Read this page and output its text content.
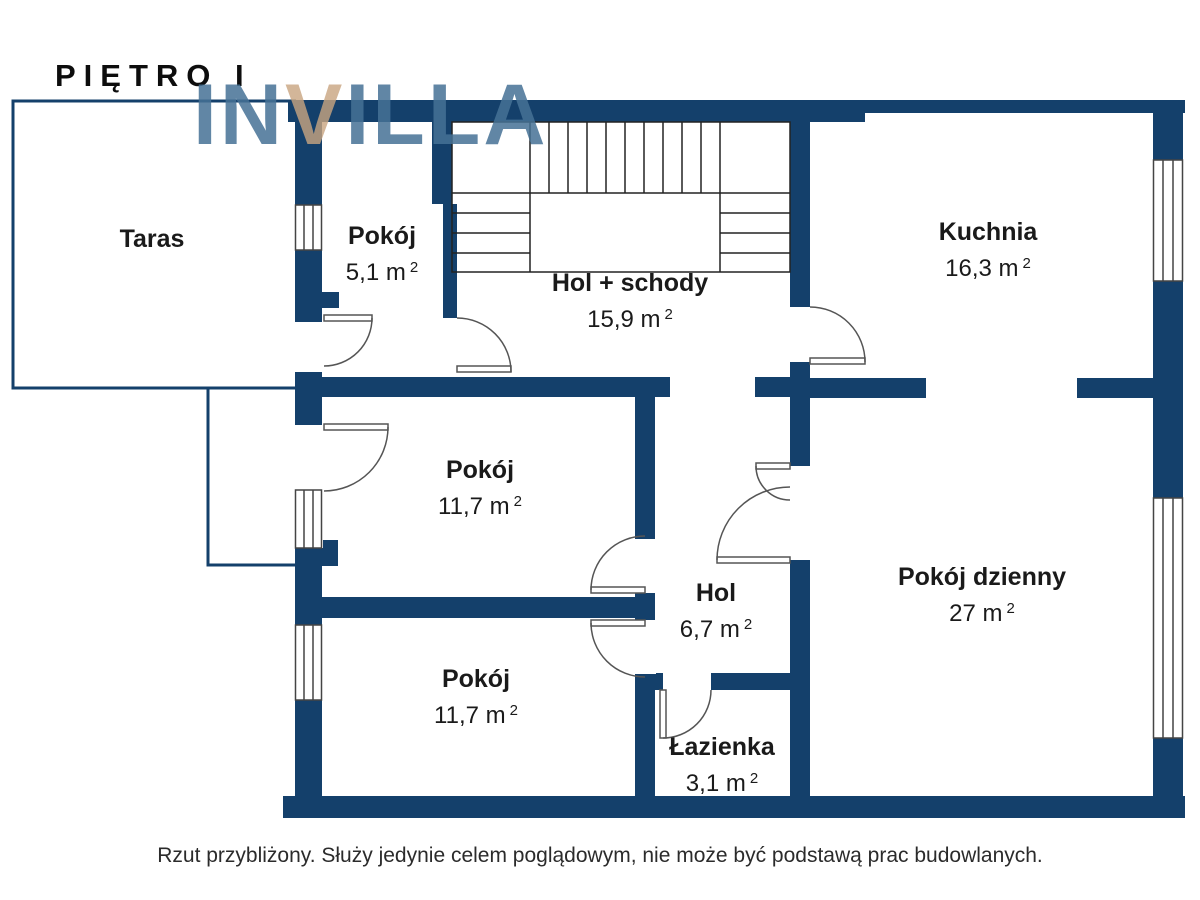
PIĘTRO I
INVILLA
Taras	Pokój
5,1 m $^2$
Hol + schody
15,9 m $^2$
Kuchnia
16,3 m $^2$
Pokój
11,7 m $^2$
Hol
6,7 m $^2$
Pokój dzienny
27 m $^2$
Pokój
11,7 m $^2$
Łazienka
3,1 m $^2$
Rzut przybliżony. Służy jedynie celem poglądowym, nie może być podstawą prac budowlanych.
